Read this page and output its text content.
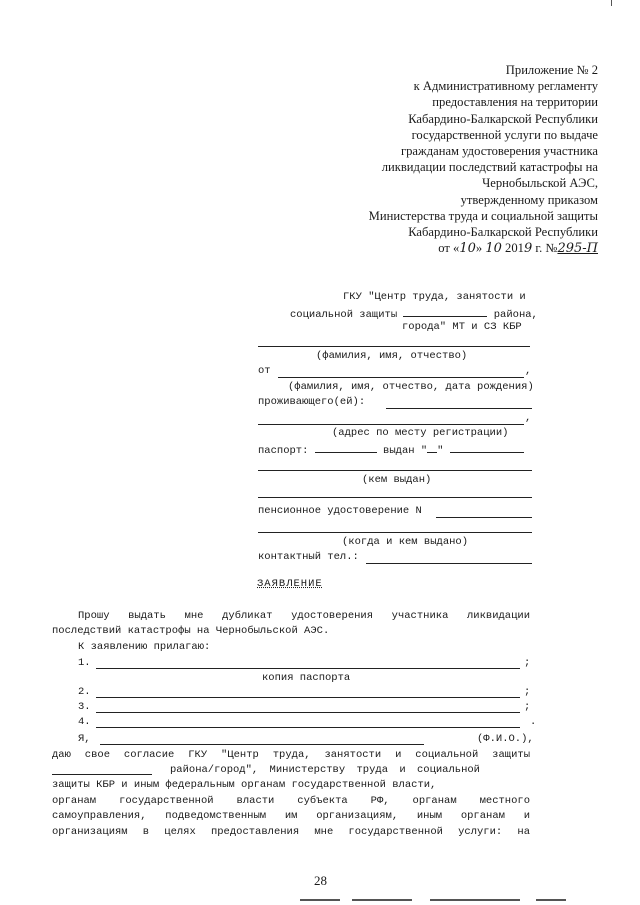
Приложение № 2
к Административному регламенту
предоставления на территории
Кабардино-Балкарской Республики
государственной услуги по выдаче
гражданам удостоверения участника
ликвидации последствий катастрофы на
Чернобыльской АЭС,
утвержденному приказом
Министерства труда и социальной защиты
Кабардино-Балкарской Республики
от «10» 10 2019 г. №295-П
ГКУ "Центр труда, занятости и
социальной защиты	района,
города" МТ и СЗ КБР
(фамилия, имя, отчество)
от	,
(фамилия, имя, отчество, дата рождения)
проживающего(ей):
,
(адрес по месту регистрации)
паспорт:	выдан " "
(кем выдан)
пенсионное удостоверение N
(когда и кем выдано)
контактный тел.:
ЗАЯВЛЕНИЕ
Прошу выдать мне дубликат удостоверения участника ликвидации
последствий катастрофы на Чернобыльской АЭС.
К заявлению прилагаю:
1.	;
копия паспорта
2.	;
3.	;
4.	.
Я,	(Ф.И.О.),
даю свое согласие ГКУ "Центр труда, занятости и социальной защиты
района/город", Министерству труда и социальной
защиты КБР и иным федеральным органам государственной власти,
органам государственной власти субъекта РФ, органам местного
самоуправления, подведомственным им организациям, иным органам и
организациям в целях предоставления мне государственной услуги: на
28
